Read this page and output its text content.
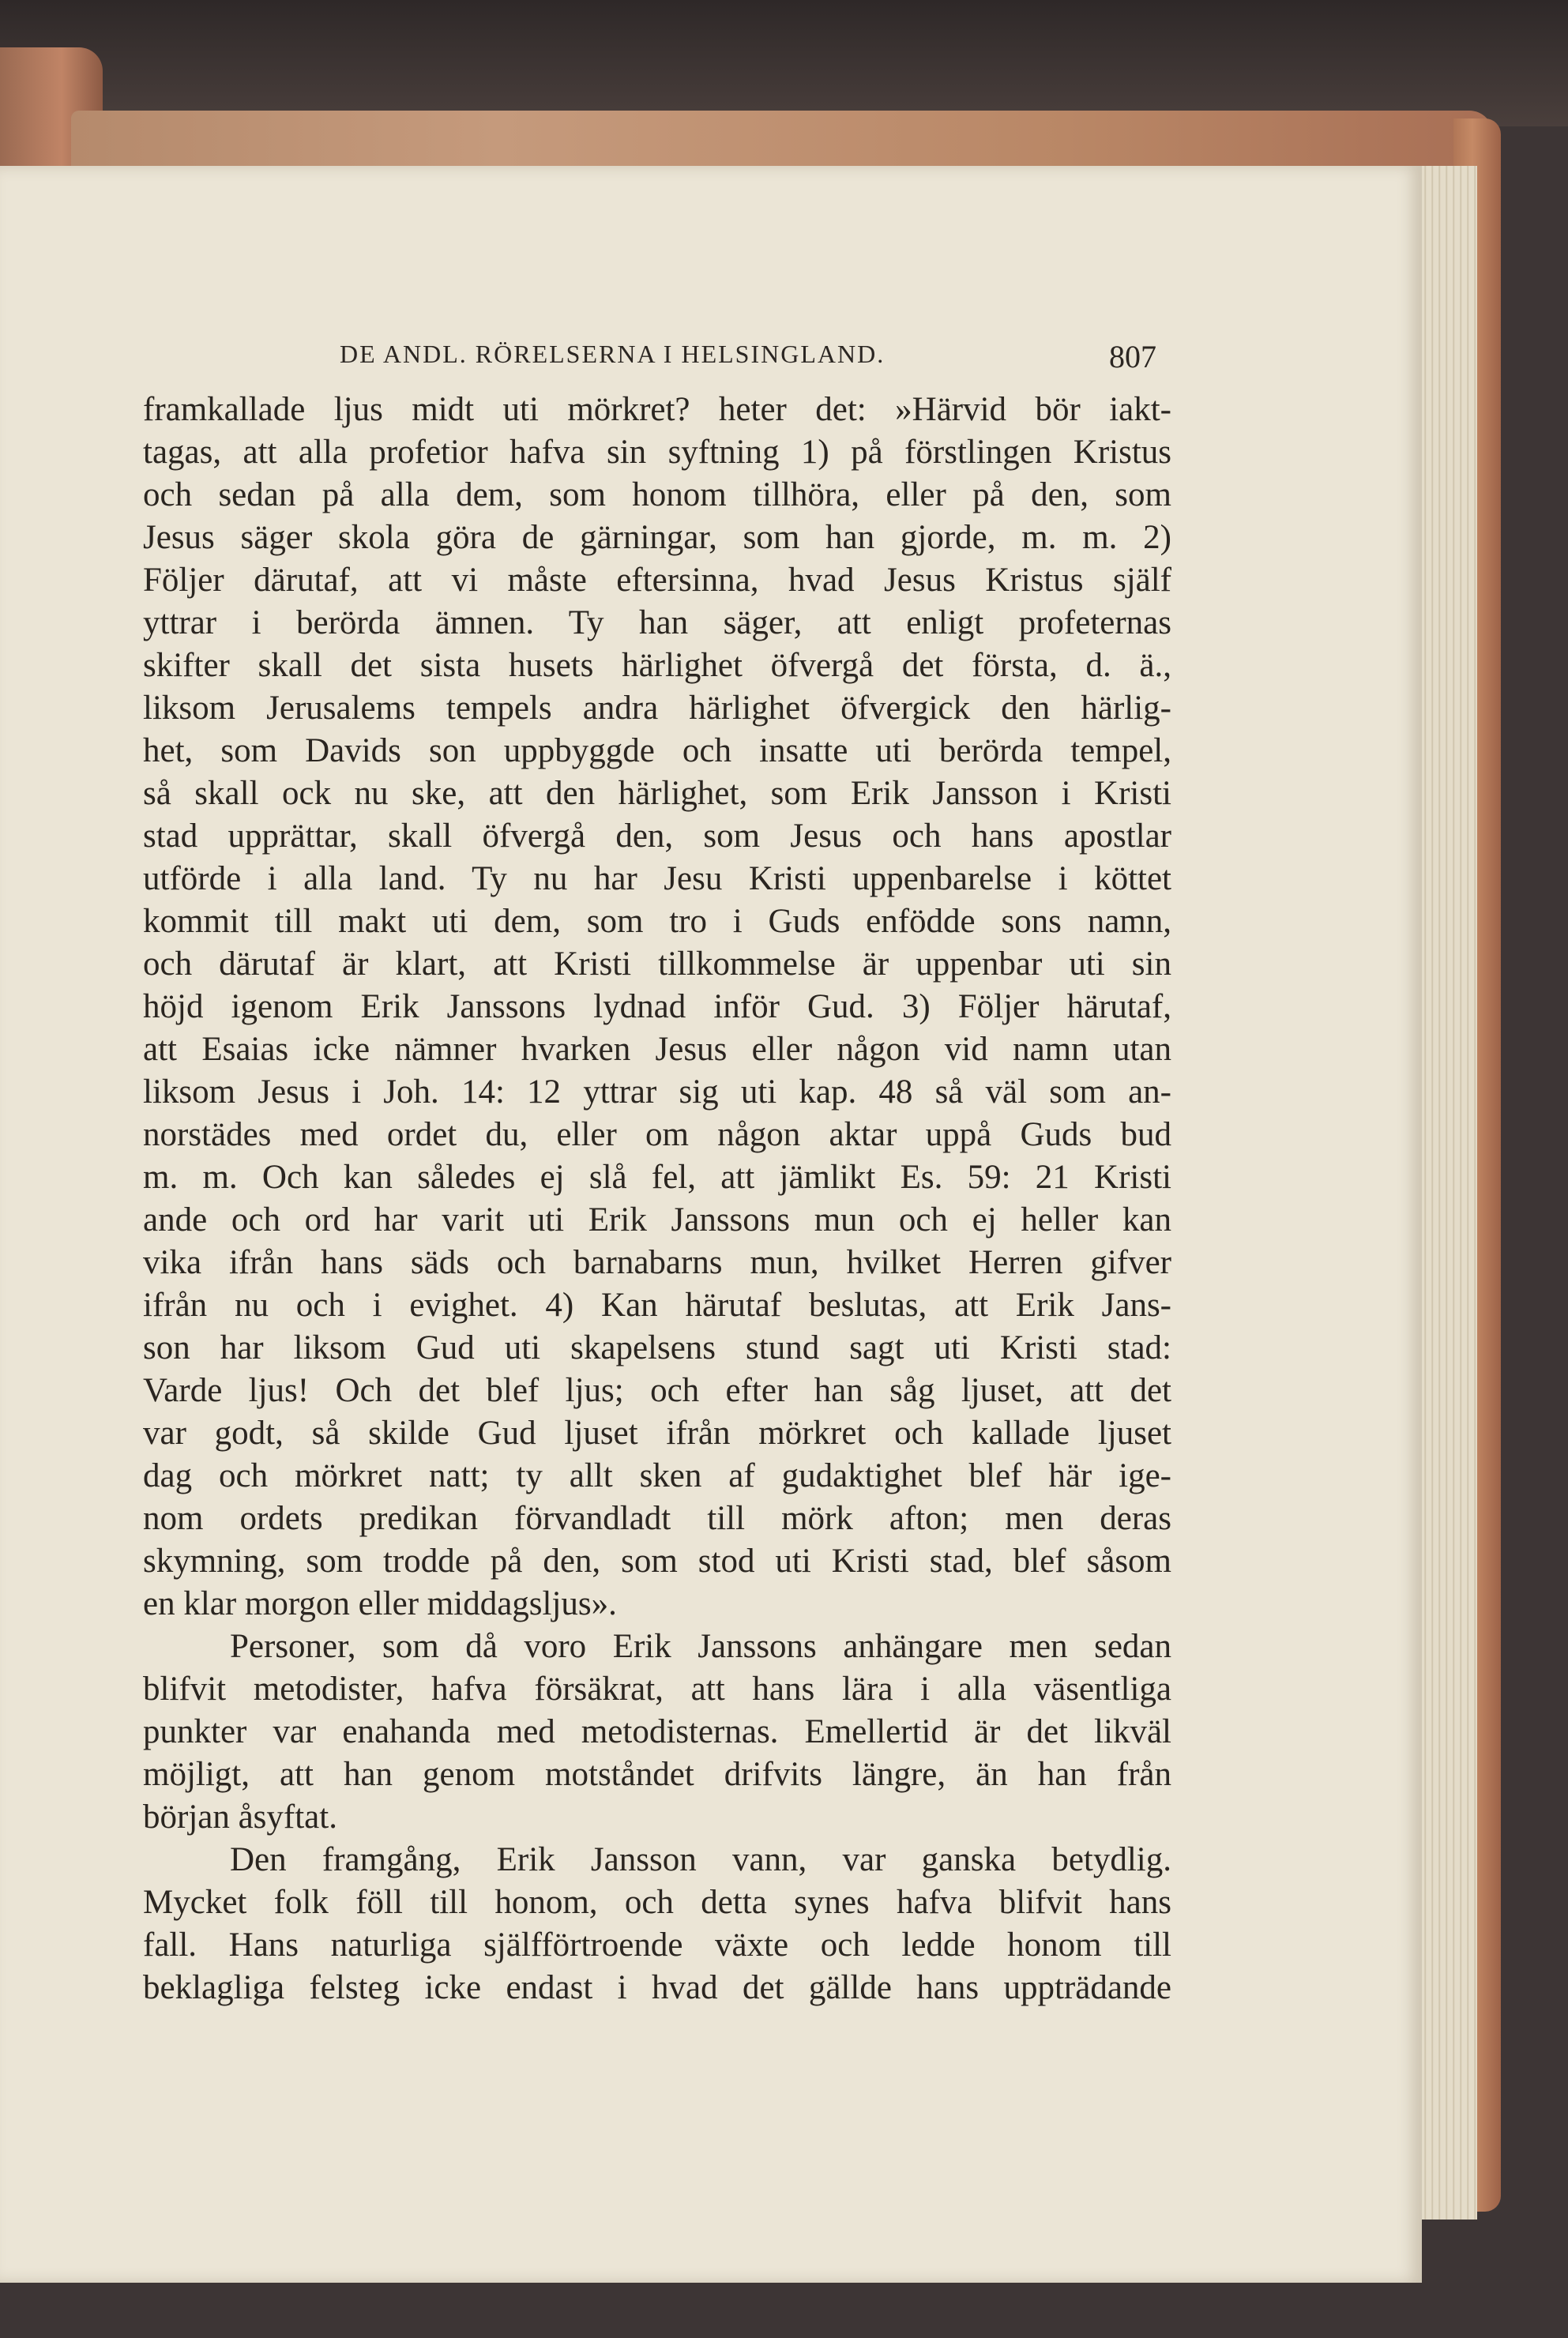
DE ANDL. RÖRELSERNA I HELSINGLAND.	807
framkallade ljus midt uti mörkret? heter det: »Härvid bör iakt-
tagas, att alla profetior hafva sin syftning 1) på förstlingen Kristus
och sedan på alla dem, som honom tillhöra, eller på den, som
Jesus säger skola göra de gärningar, som han gjorde, m. m. 2)
Följer därutaf, att vi måste eftersinna, hvad Jesus Kristus själf
yttrar i berörda ämnen. Ty han säger, att enligt profeternas
skifter skall det sista husets härlighet öfvergå det första, d. ä.,
liksom Jerusalems tempels andra härlighet öfvergick den härlig-
het, som Davids son uppbyggde och insatte uti berörda tempel,
så skall ock nu ske, att den härlighet, som Erik Jansson i Kristi
stad upprättar, skall öfvergå den, som Jesus och hans apostlar
utförde i alla land. Ty nu har Jesu Kristi uppenbarelse i köttet
kommit till makt uti dem, som tro i Guds enfödde sons namn,
och därutaf är klart, att Kristi tillkommelse är uppenbar uti sin
höjd igenom Erik Janssons lydnad inför Gud. 3) Följer härutaf,
att Esaias icke nämner hvarken Jesus eller någon vid namn utan
liksom Jesus i Joh. 14: 12 yttrar sig uti kap. 48 så väl som an-
norstädes med ordet du, eller om någon aktar uppå Guds bud
m. m. Och kan således ej slå fel, att jämlikt Es. 59: 21 Kristi
ande och ord har varit uti Erik Janssons mun och ej heller kan
vika ifrån hans säds och barnabarns mun, hvilket Herren gifver
ifrån nu och i evighet. 4) Kan härutaf beslutas, att Erik Jans-
son har liksom Gud uti skapelsens stund sagt uti Kristi stad:
Varde ljus! Och det blef ljus; och efter han såg ljuset, att det
var godt, så skilde Gud ljuset ifrån mörkret och kallade ljuset
dag och mörkret natt; ty allt sken af gudaktighet blef här ige-
nom ordets predikan förvandladt till mörk afton; men deras
skymning, som trodde på den, som stod uti Kristi stad, blef såsom
en klar morgon eller middagsljus».
Personer, som då voro Erik Janssons anhängare men sedan
blifvit metodister, hafva försäkrat, att hans lära i alla väsentliga
punkter var enahanda med metodisternas. Emellertid är det likväl
möjligt, att han genom motståndet drifvits längre, än han från
början åsyftat.
Den framgång, Erik Jansson vann, var ganska betydlig.
Mycket folk föll till honom, och detta synes hafva blifvit hans
fall. Hans naturliga själfförtroende växte och ledde honom till
beklagliga felsteg icke endast i hvad det gällde hans uppträdande
